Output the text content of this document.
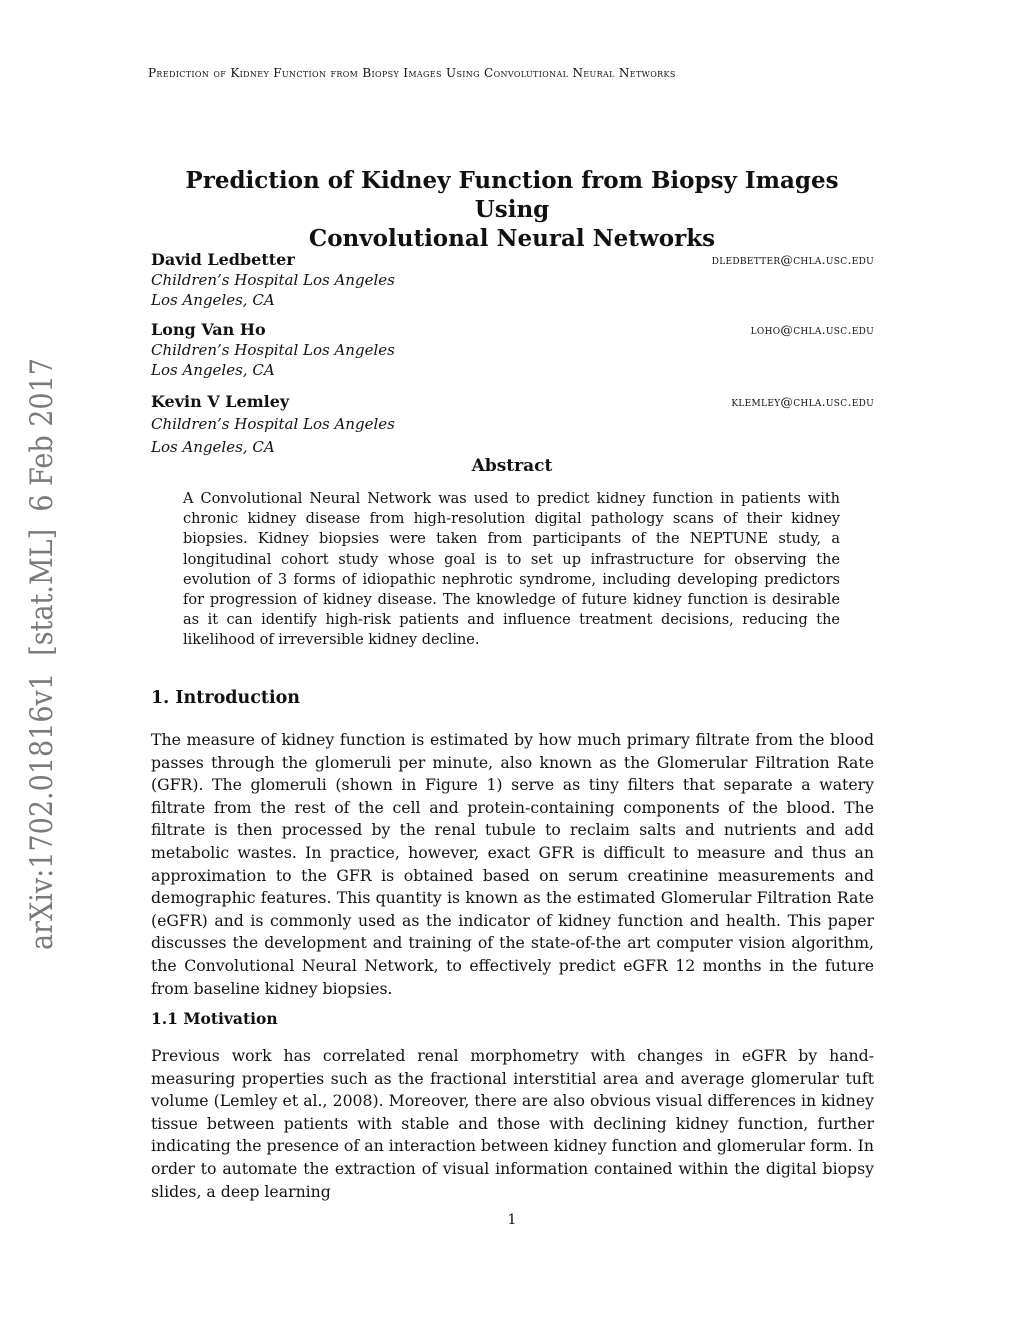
Prediction of Kidney Function from Biopsy Images Using Convolutional Neural Networks
Prediction of Kidney Function from Biopsy Images Using
Convolutional Neural Networks
David Ledbetter	dledbetter@chla.usc.edu
Children’s Hospital Los Angeles
Los Angeles, CA
Long Van Ho	loho@chla.usc.edu
Children’s Hospital Los Angeles
Los Angeles, CA
Kevin V Lemley	klemley@chla.usc.edu
Children’s Hospital Los Angeles
Los Angeles, CA
Abstract
A Convolutional Neural Network was used to predict kidney function in patients with chronic kidney disease from high-resolution digital pathology scans of their kidney biopsies. Kidney biopsies were taken from participants of the NEPTUNE study, a longitudinal cohort study whose goal is to set up infrastructure for observing the evolution of 3 forms of idiopathic nephrotic syndrome, including developing predictors for progression of kidney disease. The knowledge of future kidney function is desirable as it can identify high-risk patients and influence treatment decisions, reducing the likelihood of irreversible kidney decline.
1. Introduction
The measure of kidney function is estimated by how much primary filtrate from the blood passes through the glomeruli per minute, also known as the Glomerular Filtration Rate (GFR). The glomeruli (shown in Figure 1) serve as tiny filters that separate a watery filtrate from the rest of the cell and protein-containing components of the blood. The filtrate is then processed by the renal tubule to reclaim salts and nutrients and add metabolic wastes. In practice, however, exact GFR is difficult to measure and thus an approximation to the GFR is obtained based on serum creatinine measurements and demographic features. This quantity is known as the estimated Glomerular Filtration Rate (eGFR) and is commonly used as the indicator of kidney function and health. This paper discusses the development and training of the state-of-the art computer vision algorithm, the Convolutional Neural Network, to effectively predict eGFR 12 months in the future from baseline kidney biopsies.
1.1 Motivation
Previous work has correlated renal morphometry with changes in eGFR by hand-measuring properties such as the fractional interstitial area and average glomerular tuft volume (Lemley et al., 2008). Moreover, there are also obvious visual differences in kidney tissue between patients with stable and those with declining kidney function, further indicating the presence of an interaction between kidney function and glomerular form. In order to automate the extraction of visual information contained within the digital biopsy slides, a deep learning
1
arXiv:1702.01816v1  [stat.ML]  6 Feb 2017
